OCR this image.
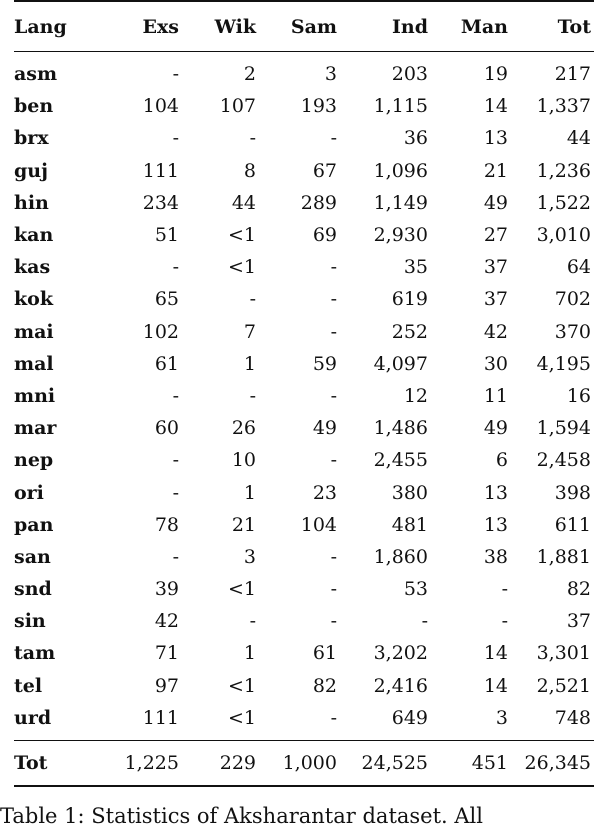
Lang	Exs	Wik	Sam	Ind	Man	Tot
asm	-	2	3	203	19	217
ben	104	107	193	1,115	14	1,337
brx	-	-	-	36	13	44
guj	111	8	67	1,096	21	1,236
hin	234	44	289	1,149	49	1,522
kan	51	<1	69	2,930	27	3,010
kas	-	<1	-	35	37	64
kok	65	-	-	619	37	702
mai	102	7	-	252	42	370
mal	61	1	59	4,097	30	4,195
mni	-	-	-	12	11	16
mar	60	26	49	1,486	49	1,594
nep	-	10	-	2,455	6	2,458
ori	-	1	23	380	13	398
pan	78	21	104	481	13	611
san	-	3	-	1,860	38	1,881
snd	39	<1	-	53	-	82
sin	42	-	-	-	-	37
tam	71	1	61	3,202	14	3,301
tel	97	<1	82	2,416	14	2,521
urd	111	<1	-	649	3	748
Tot	1,225	229	1,000	24,525	451	26,345
Table 1: Statistics of Aksharantar dataset. All
